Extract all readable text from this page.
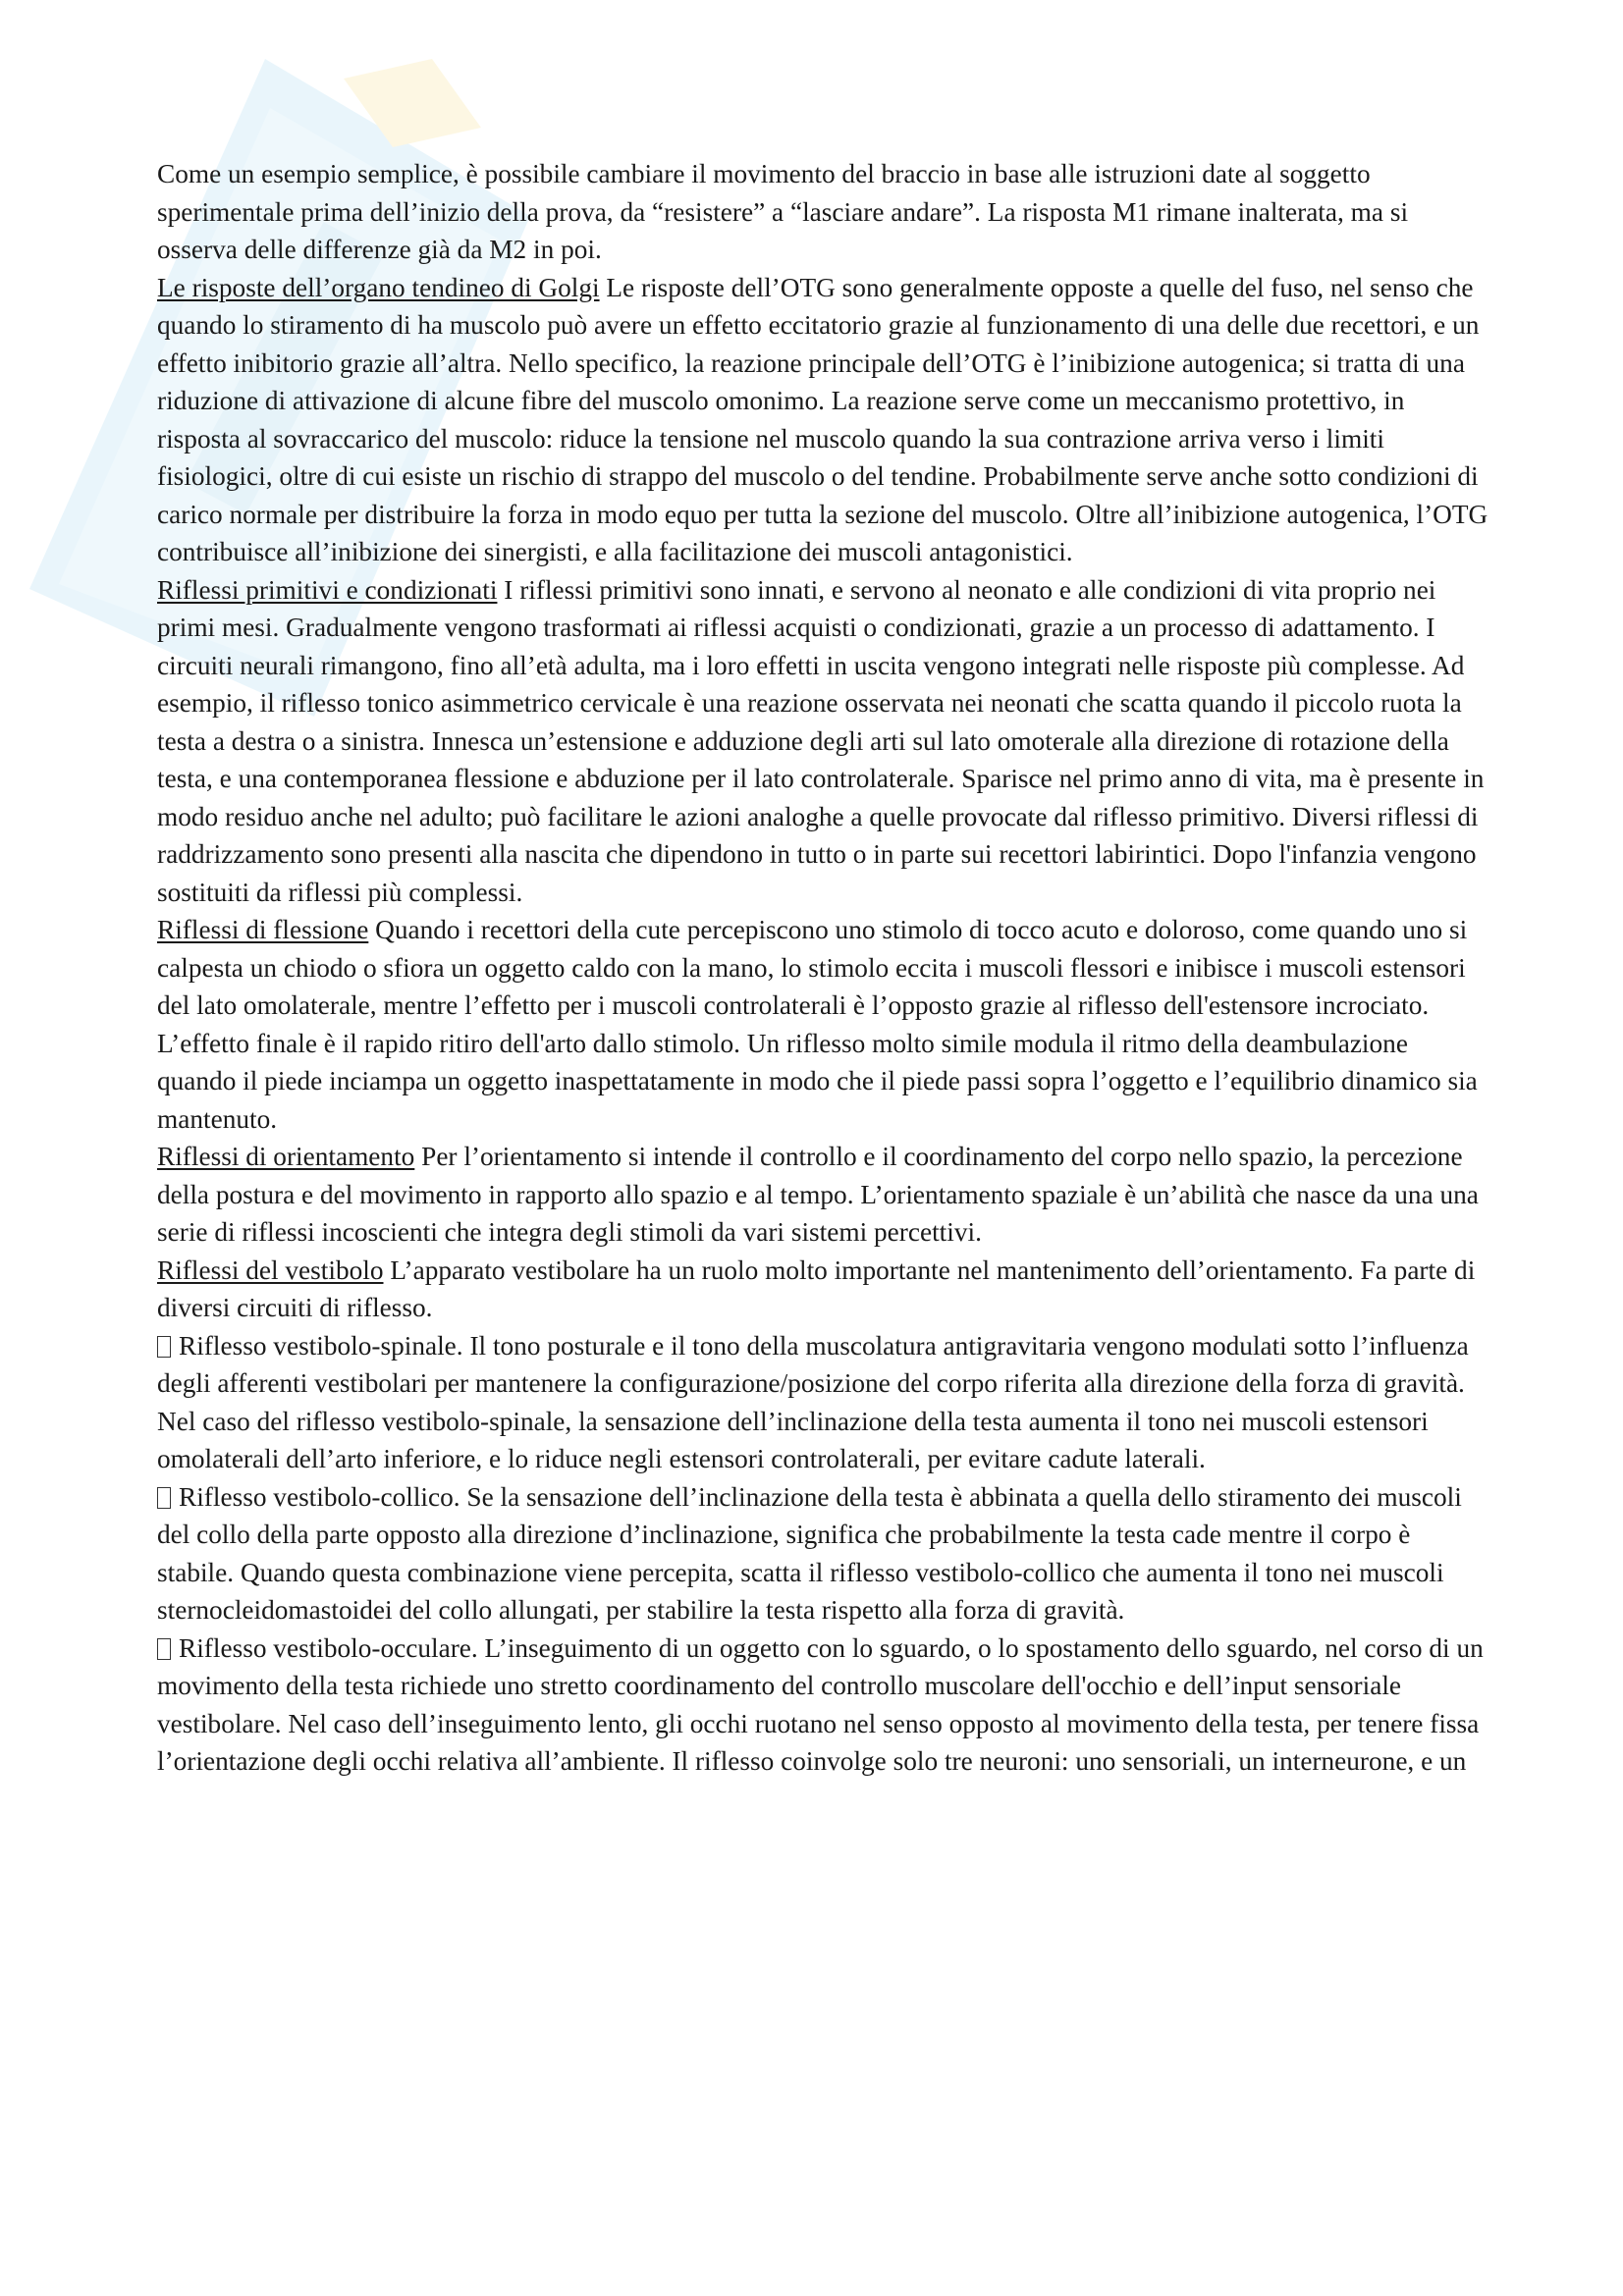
Come un esempio semplice, è possibile cambiare il movimento del braccio in base alle istruzioni date al soggetto sperimentale prima dell’inizio della prova, da “resistere” a “lasciare andare”. La risposta M1 rimane inalterata, ma si osserva delle differenze già da M2 in poi.

Le risposte dell’organo tendineo di Golgi Le risposte dell’OTG sono generalmente opposte a quelle del fuso, nel senso che quando lo stiramento di ha muscolo può avere un effetto eccitatorio grazie al funzionamento di una delle due recettori, e un effetto inibitorio grazie all’altra. Nello specifico, la reazione principale dell’OTG è l’inibizione autogenica; si tratta di una riduzione di attivazione di alcune fibre del muscolo omonimo. La reazione serve come un meccanismo protettivo, in risposta al sovraccarico del muscolo: riduce la tensione nel muscolo quando la sua contrazione arriva verso i limiti fisiologici, oltre di cui esiste un rischio di strappo del muscolo o del tendine. Probabilmente serve anche sotto condizioni di carico normale per distribuire la forza in modo equo per tutta la sezione del muscolo. Oltre all’inibizione autogenica, l’OTG contribuisce all’inibizione dei sinergisti, e alla facilitazione dei muscoli antagonistici.

Riflessi primitivi e condizionati I riflessi primitivi sono innati, e servono al neonato e alle condizioni di vita proprio nei primi mesi. Gradualmente vengono trasformati ai riflessi acquisti o condizionati, grazie a un processo di adattamento. I circuiti neurali rimangono, fino all’età adulta, ma i loro effetti in uscita vengono integrati nelle risposte più complesse. Ad esempio, il riflesso tonico asimmetrico cervicale è una reazione osservata nei neonati che scatta quando il piccolo ruota la testa a destra o a sinistra. Innesca un’estensione e adduzione degli arti sul lato omoterale alla direzione di rotazione della testa, e una contemporanea flessione e abduzione per il lato controlaterale. Sparisce nel primo anno di vita, ma è presente in modo residuo anche nel adulto; può facilitare le azioni analoghe a quelle provocate dal riflesso primitivo. Diversi riflessi di raddrizzamento sono presenti alla nascita che dipendono in tutto o in parte sui recettori labirintici. Dopo l'infanzia vengono sostituiti da riflessi più complessi.

Riflessi di flessione Quando i recettori della cute percepiscono uno stimolo di tocco acuto e doloroso, come quando uno si calpesta un chiodo o sfiora un oggetto caldo con la mano, lo stimolo eccita i muscoli flessori e inibisce i muscoli estensori del lato omolaterale, mentre l’effetto per i muscoli controlaterali è l’opposto grazie al riflesso dell'estensore incrociato. L’effetto finale è il rapido ritiro dell'arto dallo stimolo. Un riflesso molto simile modula il ritmo della deambulazione quando il piede inciampa un oggetto inaspettatamente in modo che il piede passi sopra l’oggetto e l’equilibrio dinamico sia mantenuto.

Riflessi di orientamento Per l’orientamento si intende il controllo e il coordinamento del corpo nello spazio, la percezione della postura e del movimento in rapporto allo spazio e al tempo. L’orientamento spaziale è un’abilità che nasce da una una serie di riflessi incoscienti che integra degli stimoli da vari sistemi percettivi.

Riflessi del vestibolo L’apparato vestibolare ha un ruolo molto importante nel mantenimento dell’orientamento. Fa parte di diversi circuiti di riflesso.

Riflesso vestibolo-spinale. Il tono posturale e il tono della muscolatura antigravitaria vengono modulati sotto l’influenza degli afferenti vestibolari per mantenere la configurazione/posizione del corpo riferita alla direzione della forza di gravità. Nel caso del riflesso vestibolo-spinale, la sensazione dell’inclinazione della testa aumenta il tono nei muscoli estensori omolaterali dell’arto inferiore, e lo riduce negli estensori controlaterali, per evitare cadute laterali.

Riflesso vestibolo-collico. Se la sensazione dell’inclinazione della testa è abbinata a quella dello stiramento dei muscoli del collo della parte opposto alla direzione d’inclinazione, significa che probabilmente la testa cade mentre il corpo è stabile. Quando questa combinazione viene percepita, scatta il riflesso vestibolo-collico che aumenta il tono nei muscoli sternocleidomastoidei del collo allungati, per stabilire la testa rispetto alla forza di gravità.

Riflesso vestibolo-occulare. L’inseguimento di un oggetto con lo sguardo, o lo spostamento dello sguardo, nel corso di un movimento della testa richiede uno stretto coordinamento del controllo muscolare dell'occhio e dell’input sensoriale vestibolare. Nel caso dell’inseguimento lento, gli occhi ruotano nel senso opposto al movimento della testa, per tenere fissa l’orientazione degli occhi relativa all’ambiente. Il riflesso coinvolge solo tre neuroni: uno sensoriali, un interneurone, e un
